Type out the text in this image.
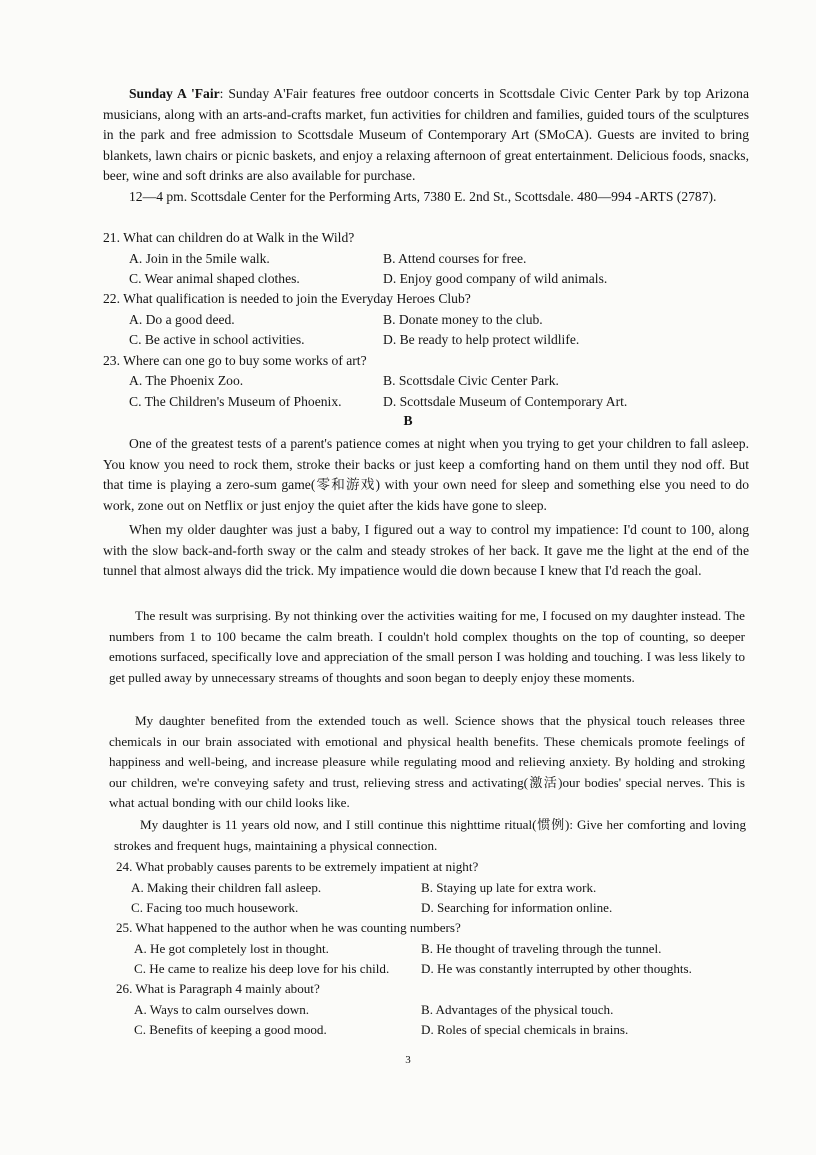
Sunday A 'Fair: Sunday A'Fair features free outdoor concerts in Scottsdale Civic Center Park by top Arizona musicians, along with an arts-and-crafts market, fun activities for children and families, guided tours of the sculptures in the park and free admission to Scottsdale Museum of Contemporary Art (SMoCA). Guests are invited to bring blankets, lawn chairs or picnic baskets, and enjoy a relaxing afternoon of great entertainment. Delicious foods, snacks, beer, wine and soft drinks are also available for purchase.

12—4 pm. Scottsdale Center for the Performing Arts, 7380 E. 2nd St., Scottsdale. 480—994 -ARTS (2787).

21. What can children do at Walk in the Wild?

A. Join in the 5mile walk.	B. Attend courses for free.

C. Wear animal shaped clothes.	D. Enjoy good company of wild animals.

22. What qualification is needed to join the Everyday Heroes Club?

A. Do a good deed.	B. Donate money to the club.

C. Be active in school activities.	D. Be ready to help protect wildlife.

23. Where can one go to buy some works of art?

A. The Phoenix Zoo.	B. Scottsdale Civic Center Park.

C. The Children's Museum of Phoenix.	D. Scottsdale Museum of Contemporary Art.

B

One of the greatest tests of a parent's patience comes at night when you trying to get your children to fall asleep. You know you need to rock them, stroke their backs or just keep a comforting hand on them until they nod off. But that time is playing a zero-sum game(零和游戏) with your own need for sleep and something else you need to do work, zone out on Netflix or just enjoy the quiet after the kids have gone to sleep.

When my older daughter was just a baby, I figured out a way to control my impatience: I'd count to 100, along with the slow back-and-forth sway or the calm and steady strokes of her back. It gave me the light at the end of the tunnel that almost always did the trick. My impatience would die down because I knew that I'd reach the goal.

The result was surprising. By not thinking over the activities waiting for me, I focused on my daughter instead. The numbers from 1 to 100 became the calm breath. I couldn't hold complex thoughts on the top of counting, so deeper emotions surfaced, specifically love and appreciation of the small person I was holding and touching. I was less likely to get pulled away by unnecessary streams of thoughts and soon began to deeply enjoy these moments.

My daughter benefited from the extended touch as well. Science shows that the physical touch releases three chemicals in our brain associated with emotional and physical health benefits. These chemicals promote feelings of happiness and well-being, and increase pleasure while regulating mood and relieving anxiety. By holding and stroking our children, we're conveying safety and trust, relieving stress and activating(激活)our bodies' special nerves. This is what actual bonding with our child looks like.

My daughter is 11 years old now, and I still continue this nighttime ritual(惯例): Give her comforting and loving strokes and frequent hugs, maintaining a physical connection.

24. What probably causes parents to be extremely impatient at night?

A. Making their children fall asleep.	B. Staying up late for extra work.

C. Facing too much housework.	D. Searching for information online.

25. What happened to the author when he was counting numbers?

A. He got completely lost in thought.	B. He thought of traveling through the tunnel.

C. He came to realize his deep love for his child. D. He was constantly interrupted by other thoughts.

26. What is Paragraph 4 mainly about?

A. Ways to calm ourselves down.	B. Advantages of the physical touch.

C. Benefits of keeping a good mood.	D. Roles of special chemicals in brains.

3
